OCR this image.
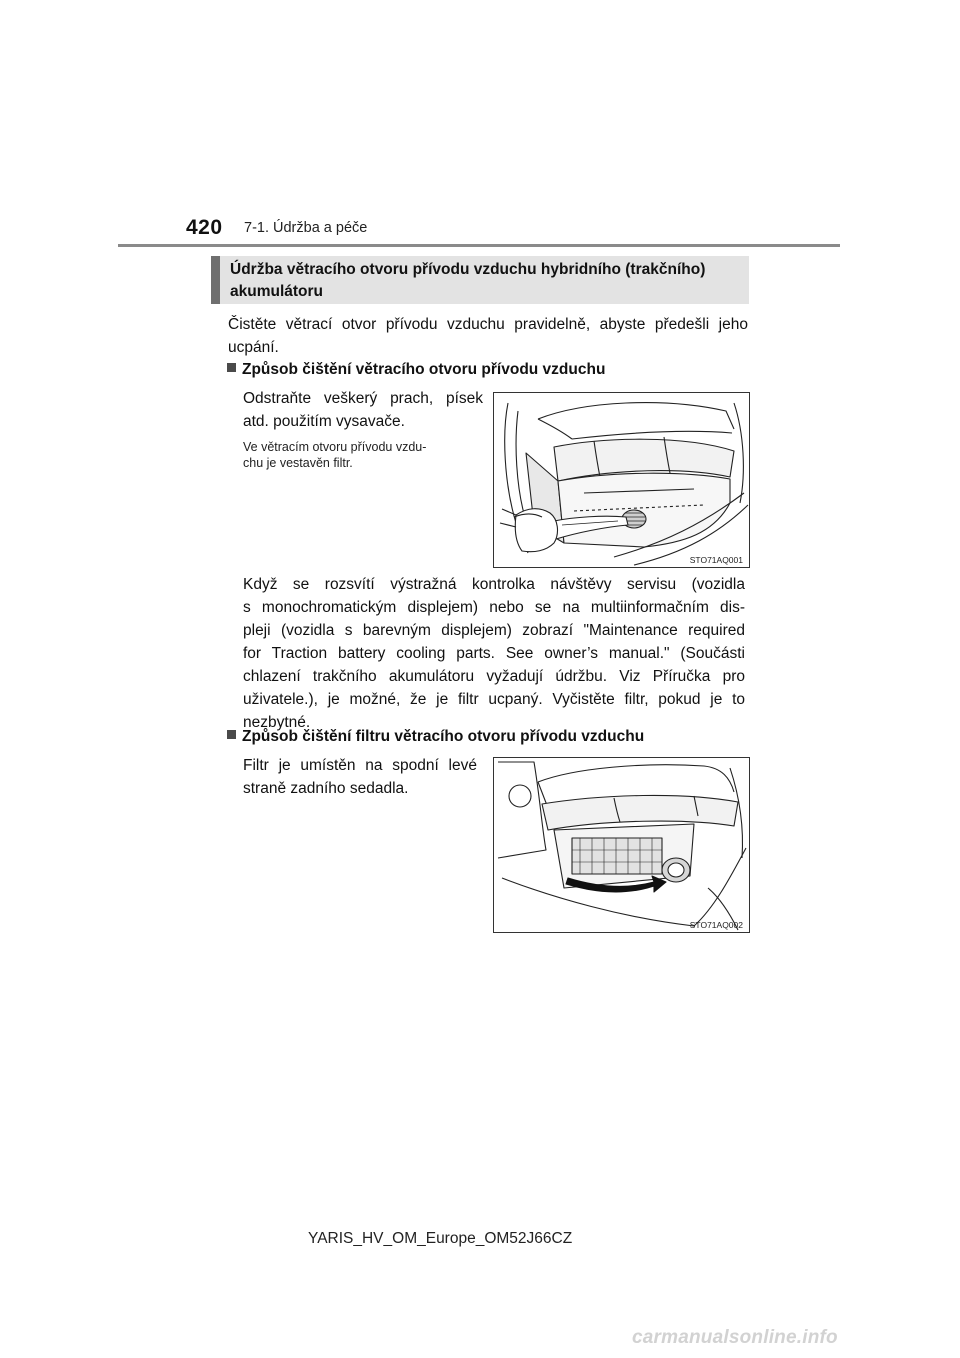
420 7-1. Údržba a péče
Údržba větracího otvoru přívodu vzduchu hybridního (trakčního)
akumulátoru
Čistěte větrací otvor přívodu vzduchu pravidelně, abyste předešli jeho
ucpání.
Způsob čištění větracího otvoru přívodu vzduchu
Odstraňte veškerý prach, písek
atd. použitím vysavače.
Ve větracím otvoru přívodu vzdu-
chu je vestavěn filtr.
STO71AQ001
Když se rozsvítí výstražná kontrolka návštěvy servisu (vozidla
s monochromatickým displejem) nebo se na multiinformačním dis-
pleji (vozidla s barevným displejem) zobrazí "Maintenance required
for Traction battery cooling parts. See owner’s manual." (Součásti
chlazení trakčního akumulátoru vyžadují údržbu. Viz Příručka pro
uživatele.), je možné, že je filtr ucpaný. Vyčistěte filtr, pokud je to
nezbytné.
Způsob čištění filtru větracího otvoru přívodu vzduchu
Filtr je umístěn na spodní levé
straně zadního sedadla.
STO71AQ002
YARIS_HV_OM_Europe_OM52J66CZ
carmanualsonline.info
